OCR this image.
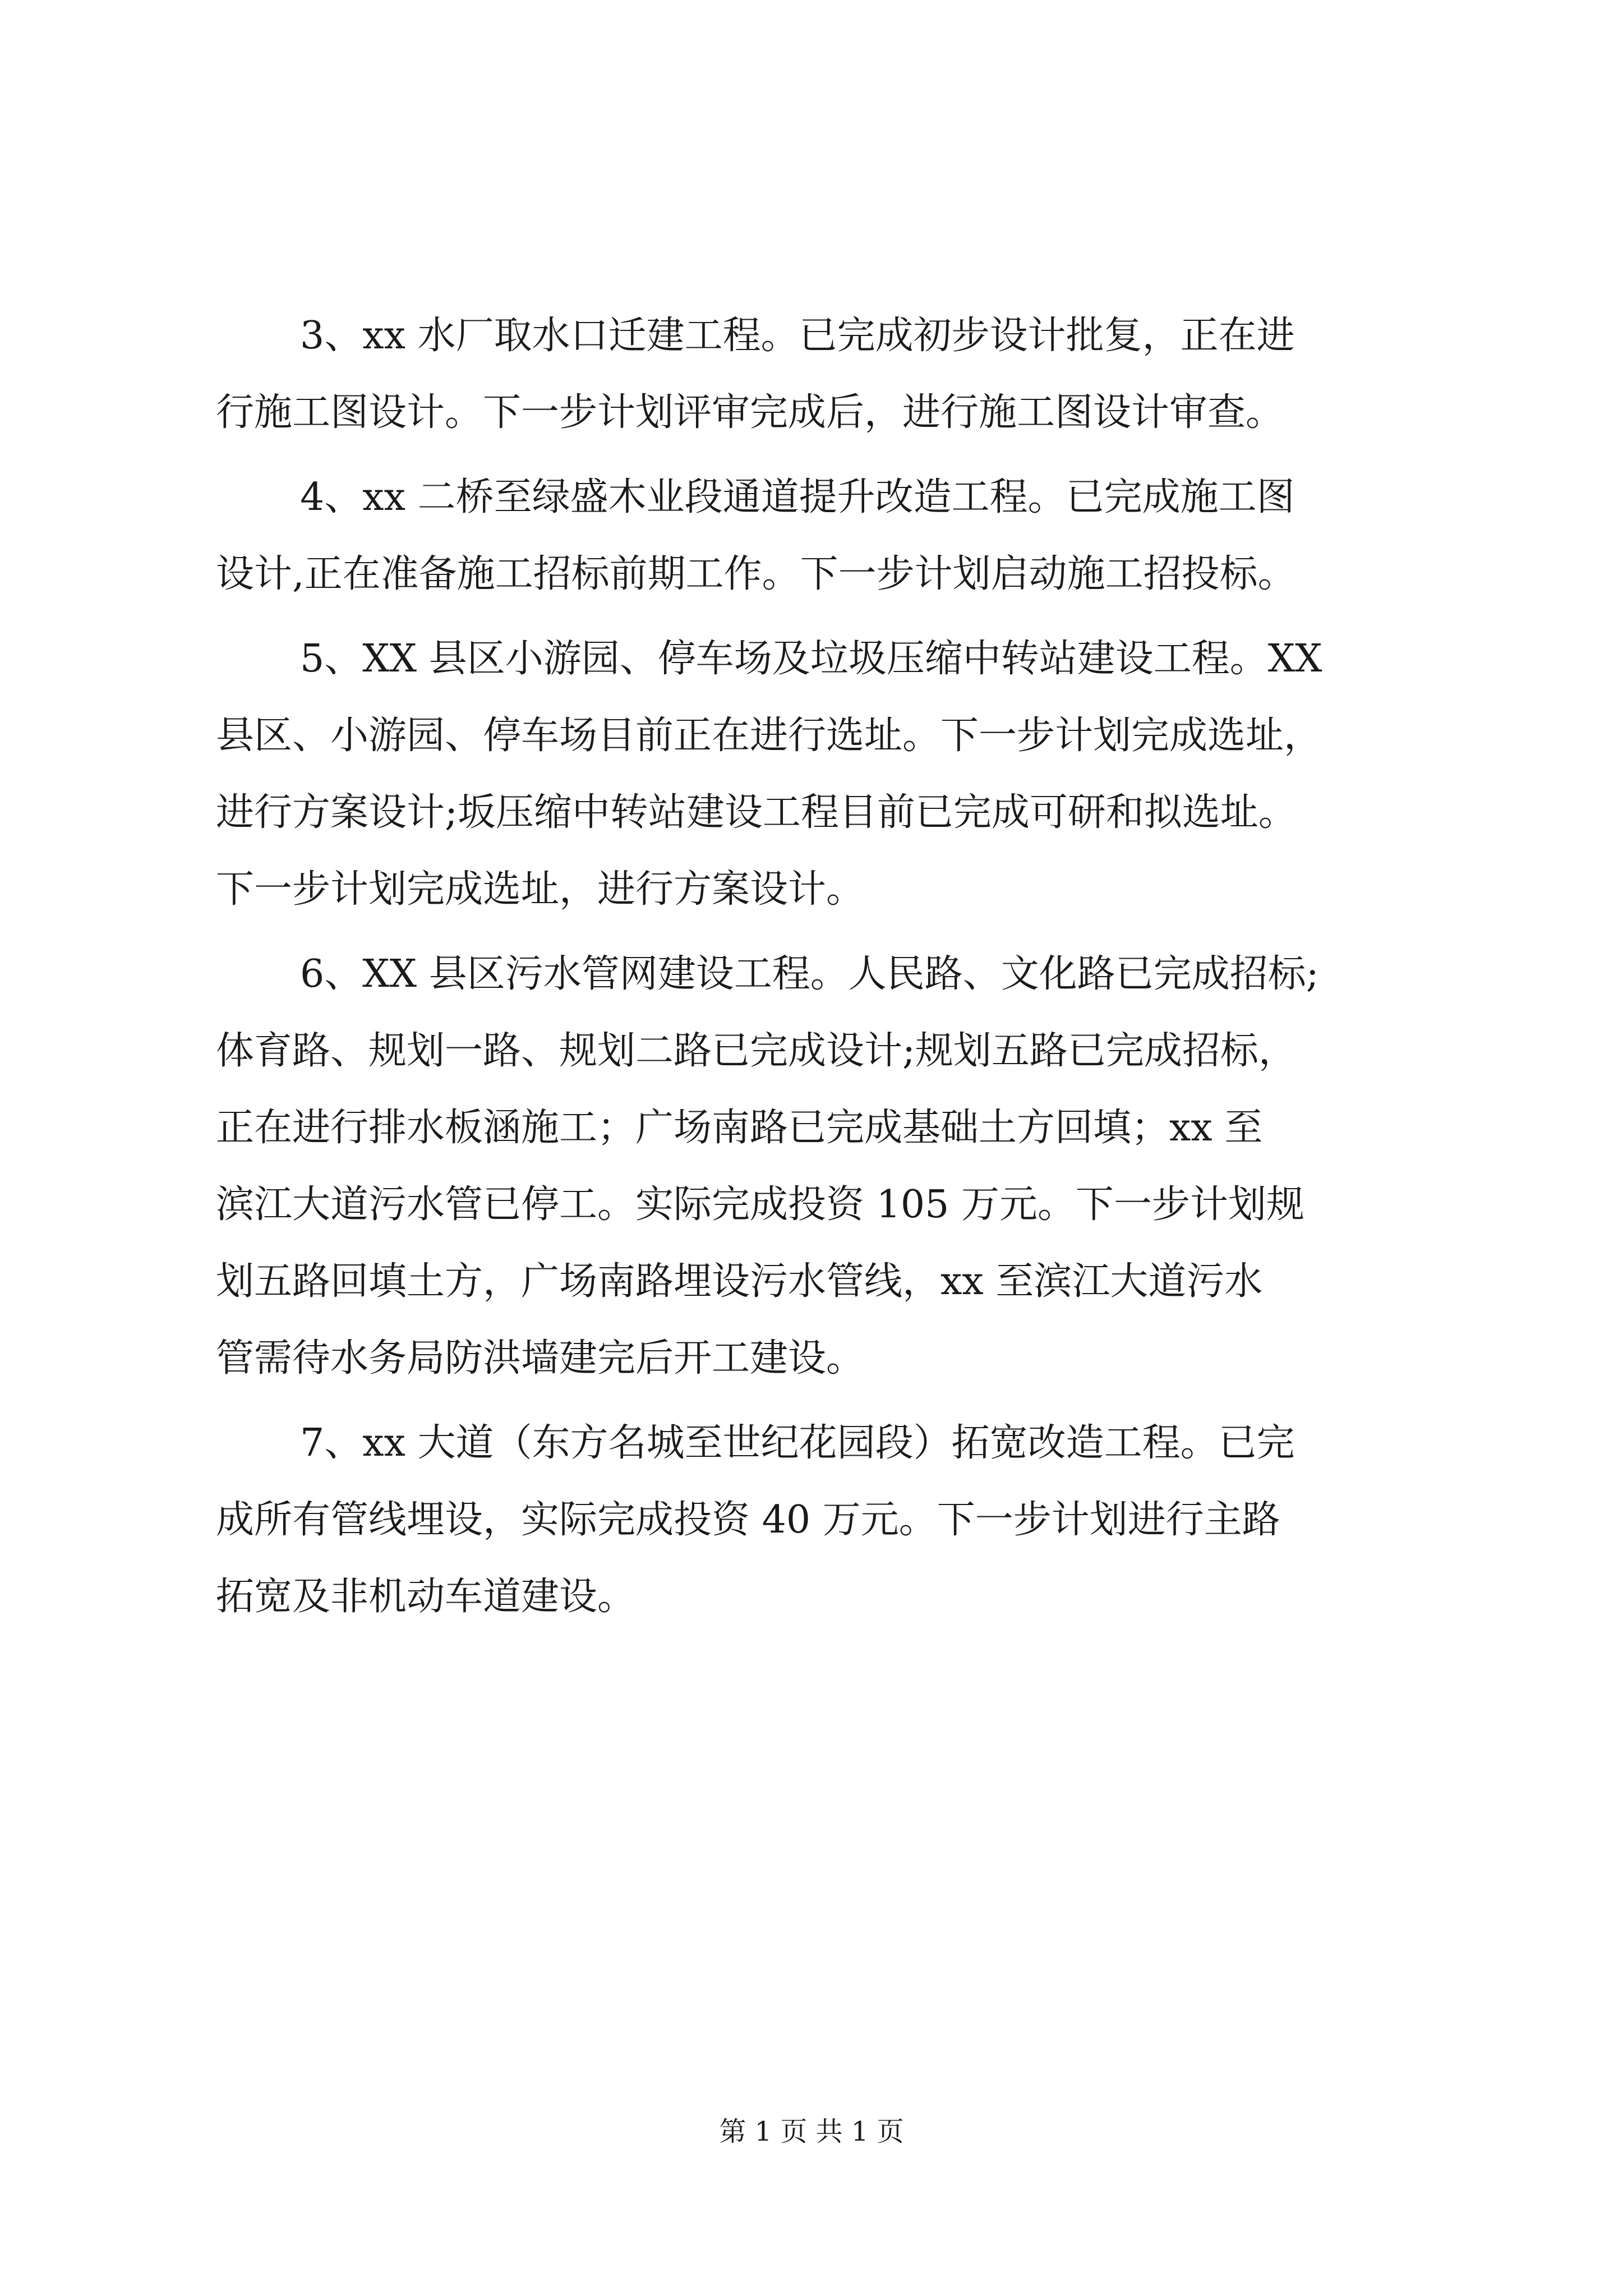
3、xx 水厂取水口迁建工程。已完成初步设计批复，正在进
行施工图设计。下一步计划评审完成后，进行施工图设计审查。
4、xx 二桥至绿盛木业段通道提升改造工程。已完成施工图
设计,正在准备施工招标前期工作。下一步计划启动施工招投标。
5、XX 县区小游园、停车场及垃圾压缩中转站建设工程。XX
县区、小游园、停车场目前正在进行选址。下一步计划完成选址，
进行方案设计;坂压缩中转站建设工程目前已完成可研和拟选址。
下一步计划完成选址，进行方案设计。
6、XX 县区污水管网建设工程。人民路、文化路已完成招标;
体育路、规划一路、规划二路已完成设计;规划五路已完成招标，
正在进行排水板涵施工；广场南路已完成基础土方回填；xx 至
滨江大道污水管已停工。实际完成投资 105 万元。下一步计划规
划五路回填土方，广场南路埋设污水管线，xx 至滨江大道污水
管需待水务局防洪墙建完后开工建设。
7、xx 大道（东方名城至世纪花园段）拓宽改造工程。已完
成所有管线埋设，实际完成投资 40 万元。下一步计划进行主路
拓宽及非机动车道建设。
第 1 页 共 1 页
